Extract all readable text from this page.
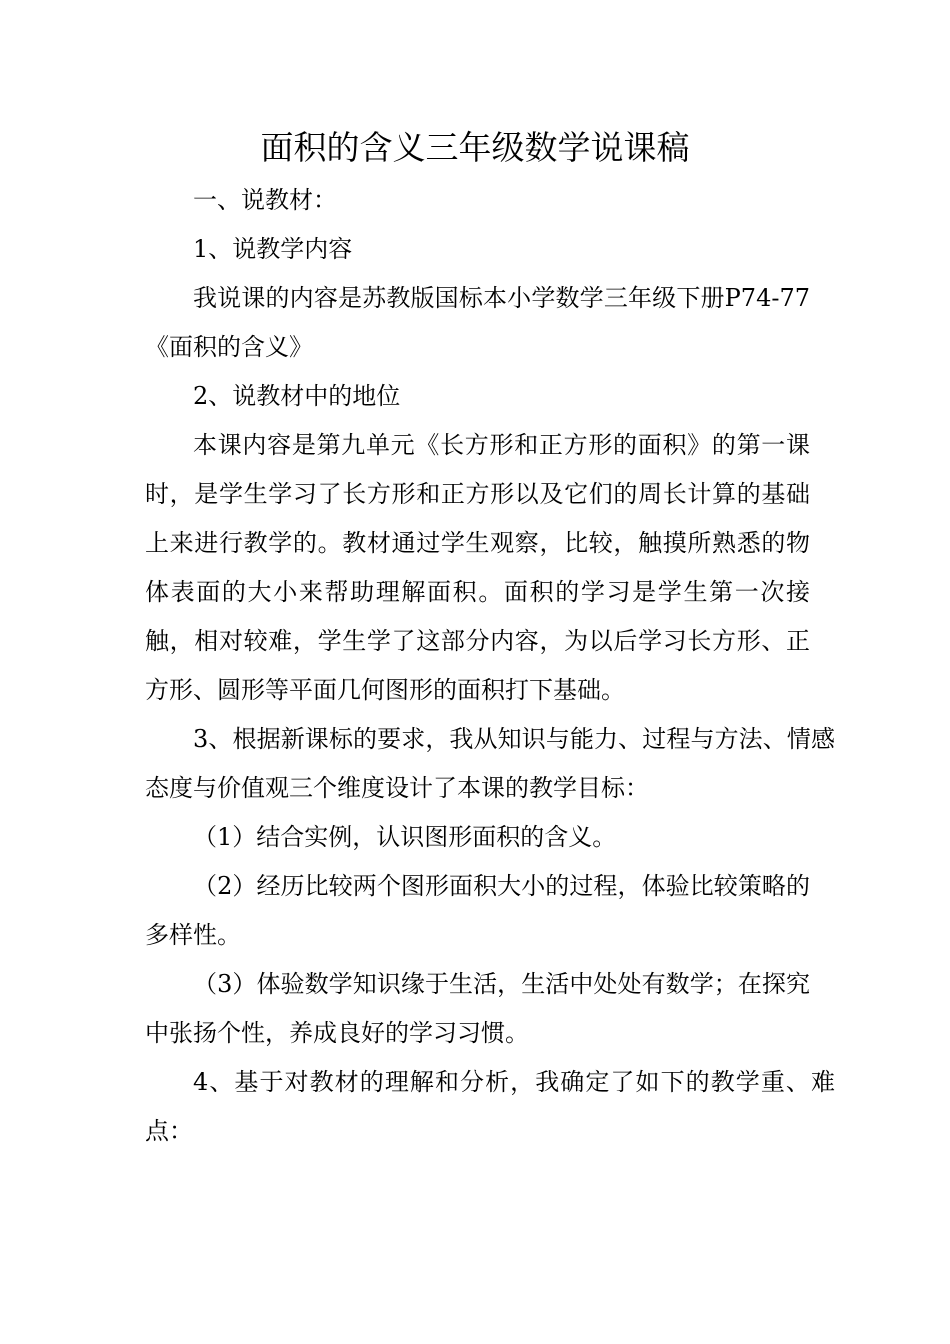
面积的含义三年级数学说课稿

一、说教材：

1、说教学内容

我说课的内容是苏教版国标本小学数学三年级下册P74-77《面积的含义》

2、说教材中的地位

本课内容是第九单元《长方形和正方形的面积》的第一课时，是学生学习了长方形和正方形以及它们的周长计算的基础上来进行教学的。教材通过学生观察，比较，触摸所熟悉的物体表面的大小来帮助理解面积。面积的学习是学生第一次接触，相对较难，学生学了这部分内容，为以后学习长方形、正方形、圆形等平面几何图形的面积打下基础。

3、根据新课标的要求，我从知识与能力、过程与方法、情感态度与价值观三个维度设计了本课的教学目标：

（1）结合实例，认识图形面积的含义。

（2）经历比较两个图形面积大小的过程，体验比较策略的多样性。

（3）体验数学知识缘于生活，生活中处处有数学；在探究中张扬个性，养成良好的学习习惯。

4、基于对教材的理解和分析，我确定了如下的教学重、难点：
